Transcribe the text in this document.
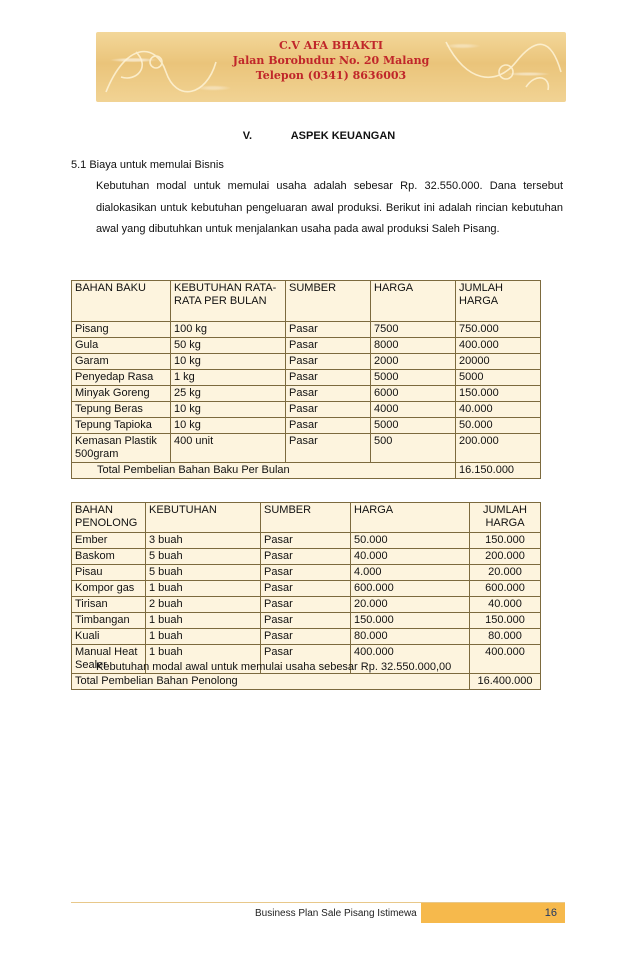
C.V AFA BHAKTI
Jalan Borobudur No. 20 Malang
Telepon (0341) 8636003
V.	ASPEK KEUANGAN
5.1 Biaya untuk memulai Bisnis
Kebutuhan modal untuk memulai usaha adalah sebesar Rp. 32.550.000. Dana tersebut dialokasikan untuk kebutuhan pengeluaran awal produksi. Berikut ini adalah rincian kebutuhan awal yang dibutuhkan untuk menjalankan usaha pada awal produksi Saleh Pisang.
BAHAN BAKU	KEBUTUHAN RATA-RATA PER BULAN	SUMBER	HARGA	JUMLAH HARGA
Pisang	100 kg	Pasar	7500	750.000
Gula	50 kg	Pasar	8000	400.000
Garam	10 kg	Pasar	2000	20000
Penyedap Rasa	1 kg	Pasar	5000	5000
Minyak Goreng	25 kg	Pasar	6000	150.000
Tepung Beras	10 kg	Pasar	4000	40.000
Tepung Tapioka	10 kg	Pasar	5000	50.000
Kemasan Plastik 500gram	400 unit	Pasar	500	200.000
Total Pembelian Bahan Baku Per Bulan				16.150.000
BAHAN PENOLONG	KEBUTUHAN	SUMBER	HARGA	JUMLAH HARGA
Ember	3 buah	Pasar	50.000	150.000
Baskom	5 buah	Pasar	40.000	200.000
Pisau	5 buah	Pasar	4.000	20.000
Kompor gas	1 buah	Pasar	600.000	600.000
Tirisan	2 buah	Pasar	20.000	40.000
Timbangan	1 buah	Pasar	150.000	150.000
Kuali	1 buah	Pasar	80.000	80.000
Manual Heat Sealer	1 buah	Pasar	400.000	400.000
Total Pembelian Bahan Penolong				16.400.000
Kebutuhan modal awal untuk memulai usaha sebesar Rp. 32.550.000,00
16
Business Plan Sale Pisang Istimewa
